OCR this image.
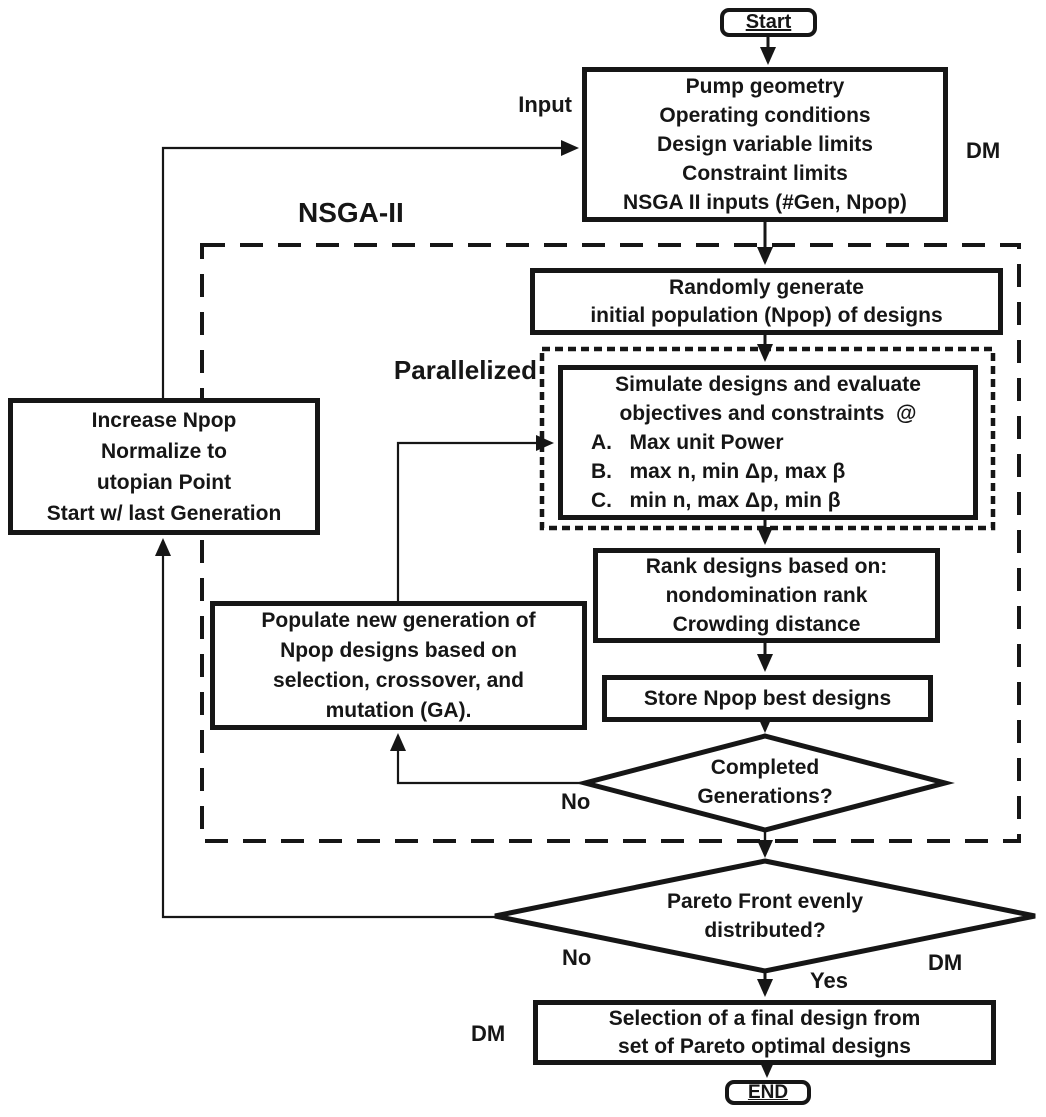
Start
END
Pump geometry
Operating conditions
Design variable limits
Constraint limits
NSGA II inputs (#Gen, Npop)
Randomly generate
initial population (Npop) of designs
Simulate designs and evaluate
objectives and constraints  @
A.   Max unit Power
B.   max n, min Δp, max β
C.   min n, max Δp, min β
Increase Npop
Normalize to
utopian Point
Start w/ last Generation
Populate new generation of
Npop designs based on
selection, crossover, and
mutation (GA).
Rank designs based on:
nondomination rank
Crowding distance
Store Npop best designs
Selection of a final design from
set of Pareto optimal designs
Completed
Generations?
Pareto Front evenly
distributed?
Input
DM
NSGA-II
Parallelized
No
No
Yes
DM
DM
